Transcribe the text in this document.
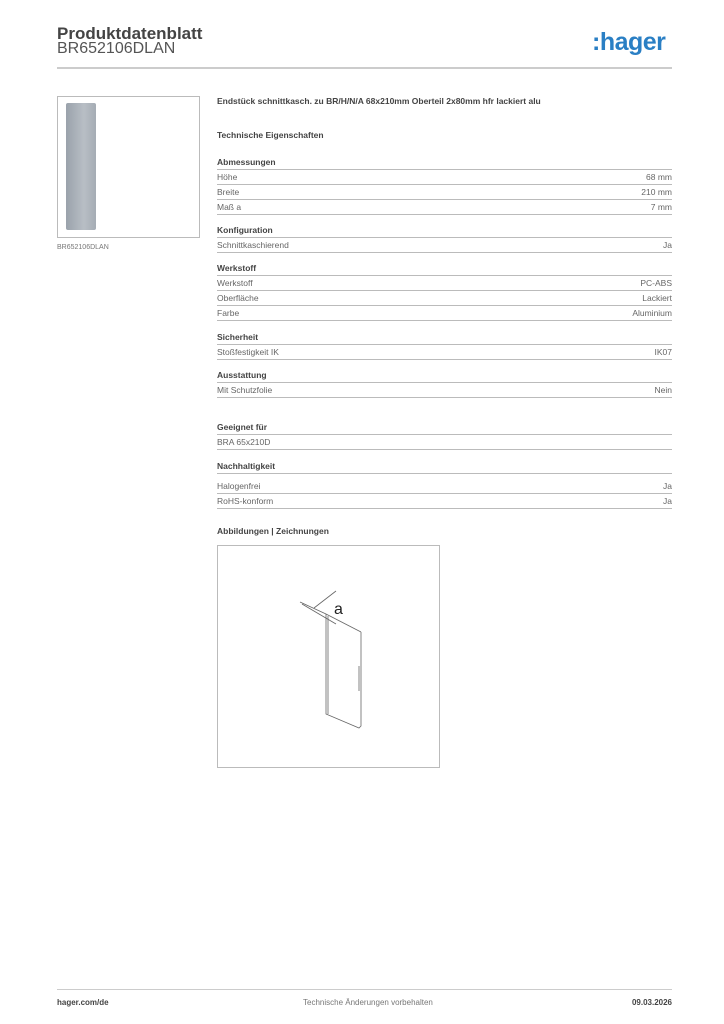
Produktdatenblatt
BR652106DLAN	:hager
BR652106DLAN
Endstück schnittkasch. zu BR/H/N/A 68x210mm Oberteil 2x80mm hfr lackiert alu
Technische Eigenschaften
Abmessungen
Höhe	68 mm
Breite	210 mm
Maß a	7 mm
Konfiguration
Schnittkaschierend	Ja
Werkstoff
Werkstoff	PC-ABS
Oberfläche	Lackiert
Farbe	Aluminium
Sicherheit
Stoßfestigkeit IK	IK07
Ausstattung
Mit Schutzfolie	Nein
Geeignet für
BRA 65x210D
Nachhaltigkeit
Halogenfrei	Ja
RoHS-konform	Ja
Abbildungen | Zeichnungen
a
hager.com/de	Technische Änderungen vorbehalten	09.03.2026
